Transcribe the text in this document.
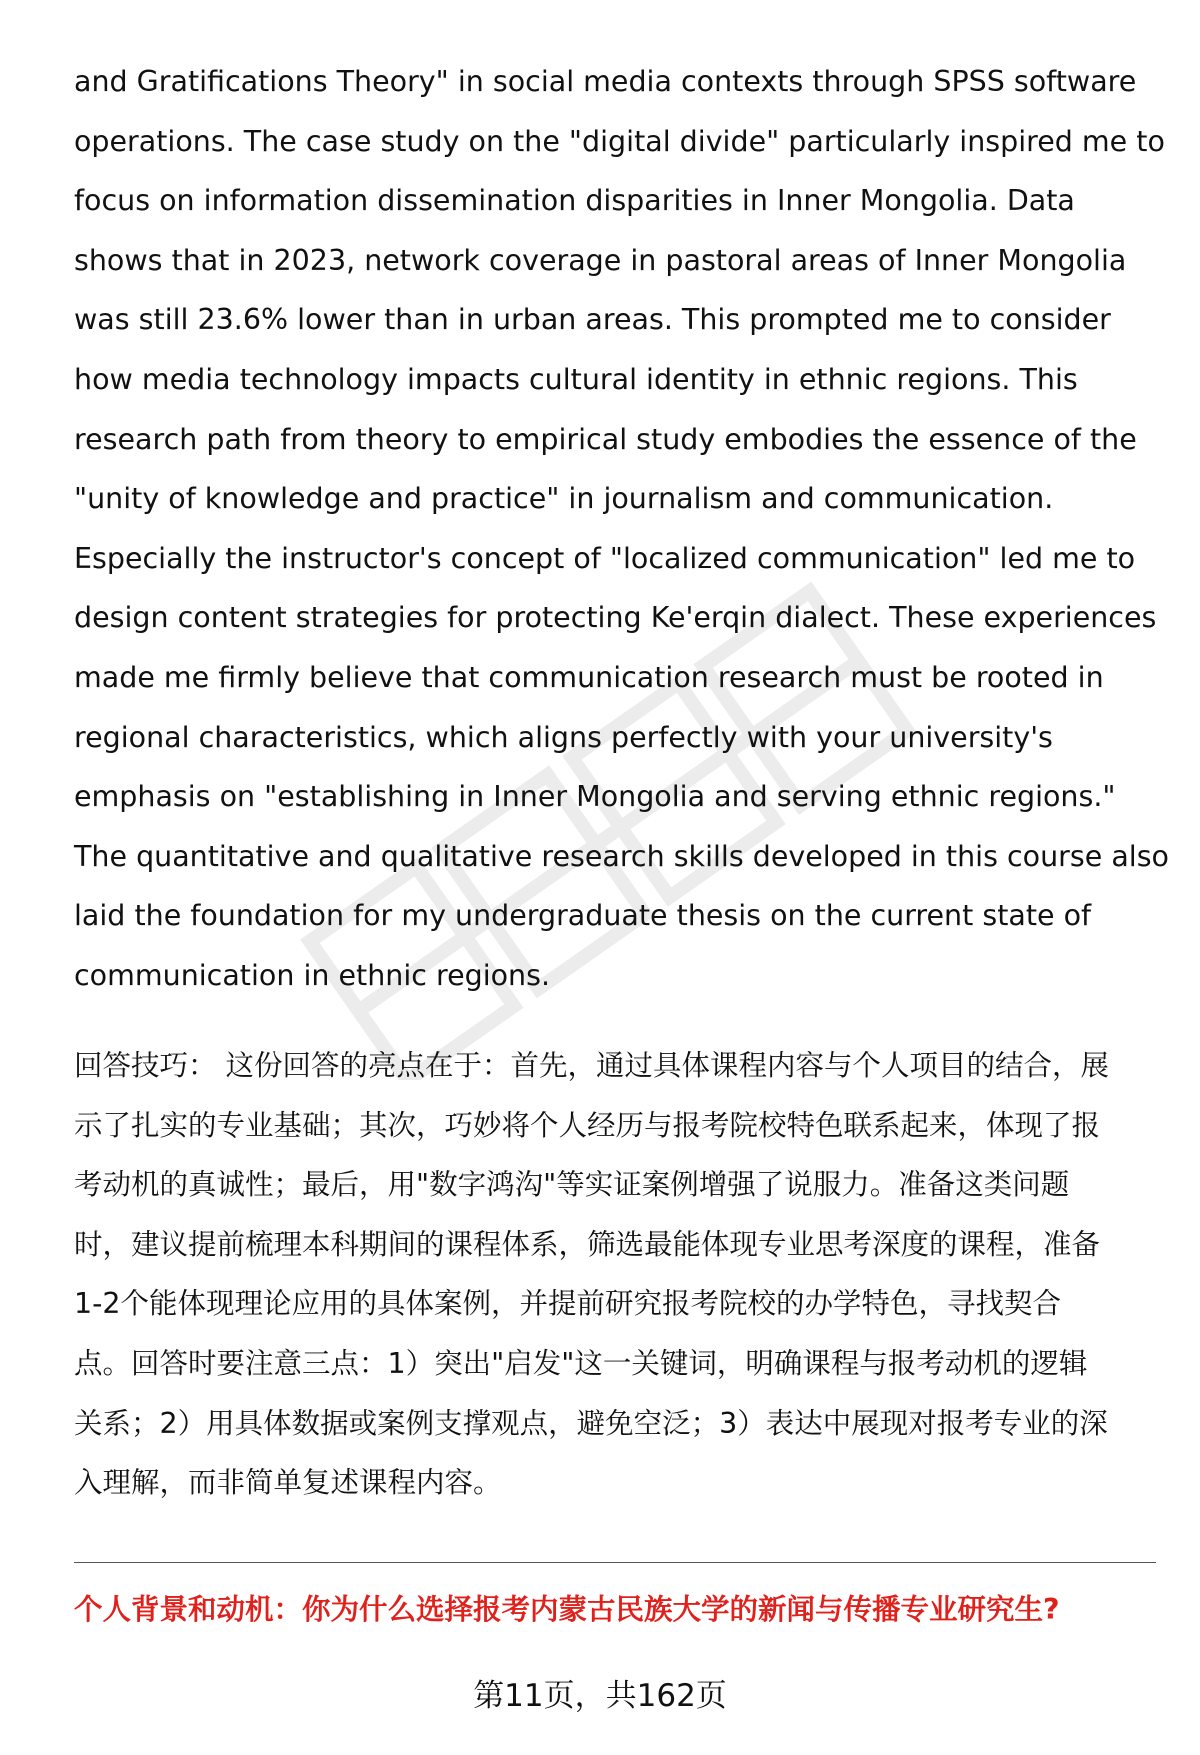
and Gratifications Theory" in social media contexts through SPSS software
operations. The case study on the "digital divide" particularly inspired me to
focus on information dissemination disparities in Inner Mongolia. Data
shows that in 2023, network coverage in pastoral areas of Inner Mongolia
was still 23.6% lower than in urban areas. This prompted me to consider
how media technology impacts cultural identity in ethnic regions. This
research path from theory to empirical study embodies the essence of the
"unity of knowledge and practice" in journalism and communication.
Especially the instructor's concept of "localized communication" led me to
design content strategies for protecting Ke'erqin dialect. These experiences
made me firmly believe that communication research must be rooted in
regional characteristics, which aligns perfectly with your university's
emphasis on "establishing in Inner Mongolia and serving ethnic regions."
The quantitative and qualitative research skills developed in this course also
laid the foundation for my undergraduate thesis on the current state of
communication in ethnic regions.
回答技巧： 这份回答的亮点在于：首先，通过具体课程内容与个人项目的结合，展
示了扎实的专业基础；其次，巧妙将个人经历与报考院校特色联系起来，体现了报
考动机的真诚性；最后，用"数字鸿沟"等实证案例增强了说服力。准备这类问题
时，建议提前梳理本科期间的课程体系，筛选最能体现专业思考深度的课程，准备
1-2个能体现理论应用的具体案例，并提前研究报考院校的办学特色，寻找契合
点。回答时要注意三点：1）突出"启发"这一关键词，明确课程与报考动机的逻辑
关系；2）用具体数据或案例支撑观点，避免空泛；3）表达中展现对报考专业的深
入理解，而非简单复述课程内容。
个人背景和动机：你为什么选择报考内蒙古民族大学的新闻与传播专业研究生?
第11页，共162页
